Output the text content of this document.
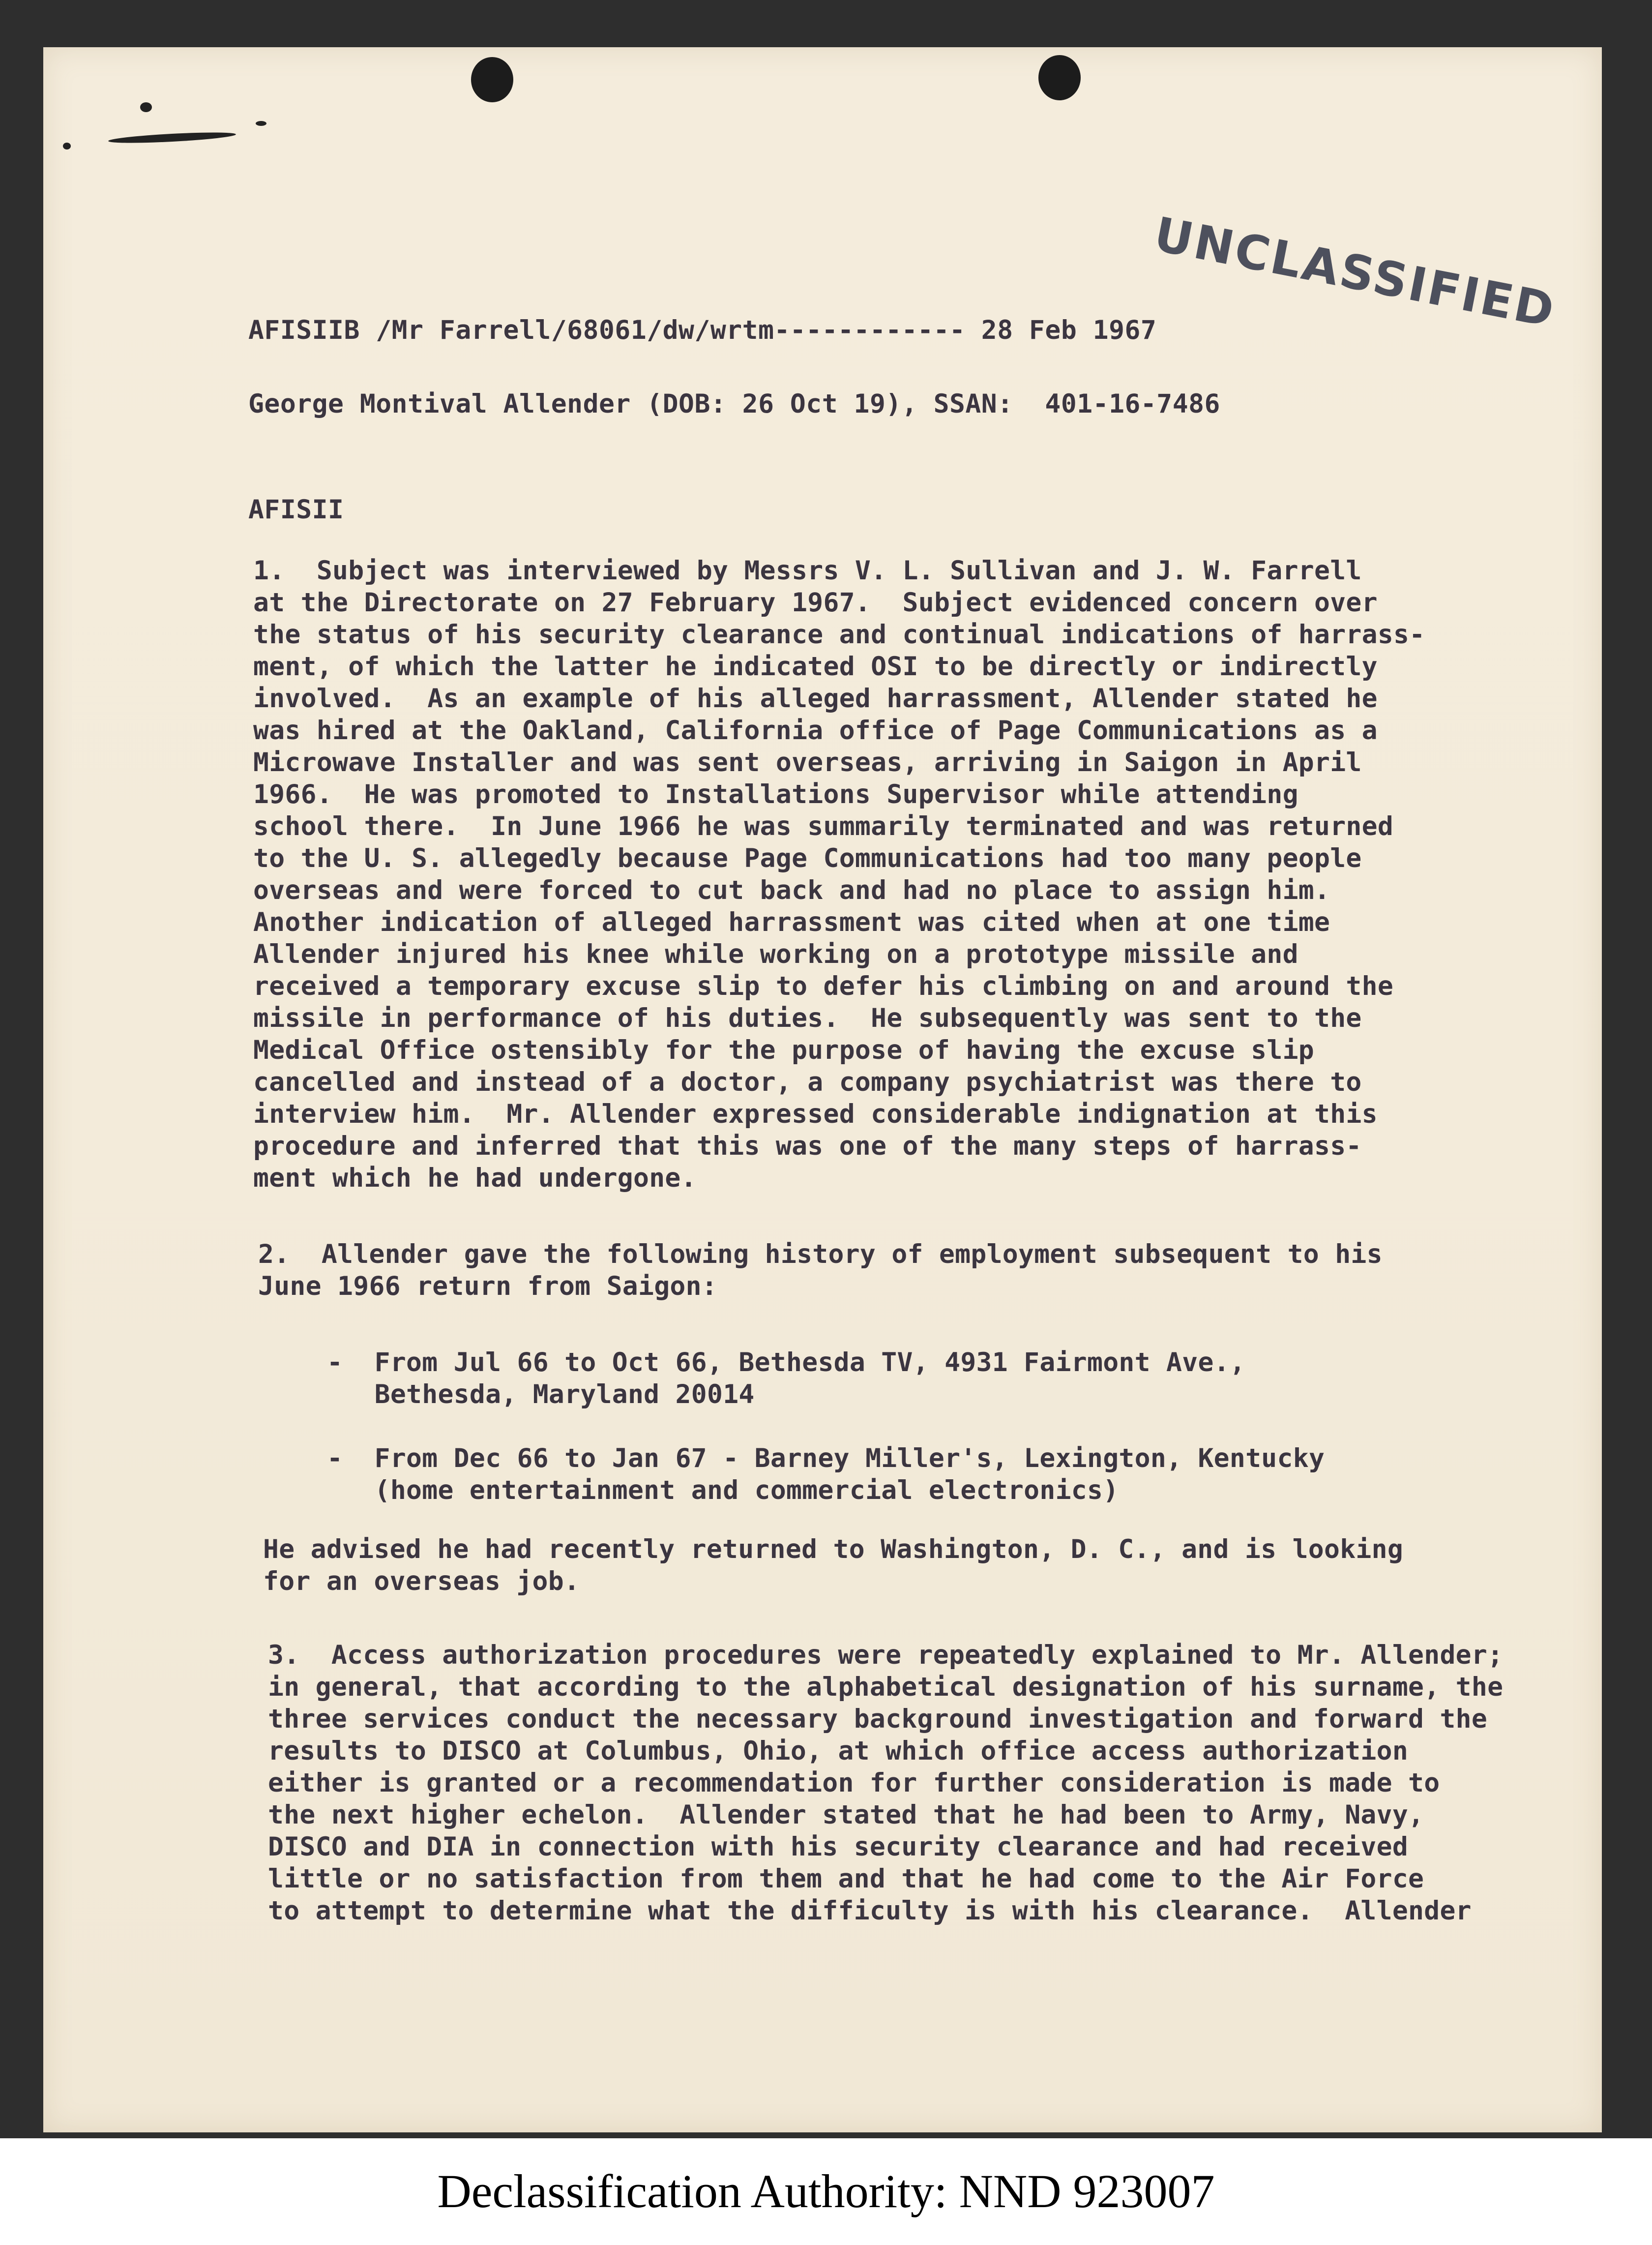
UNCLASSIFIED
AFISIIB /Mr Farrell/68061/dw/wrtm------------ 28 Feb 1967
George Montival Allender (DOB: 26 Oct 19), SSAN:  401-16-7486
AFISII
1.  Subject was interviewed by Messrs V. L. Sullivan and J. W. Farrell
at the Directorate on 27 February 1967.  Subject evidenced concern over
the status of his security clearance and continual indications of harrass-
ment, of which the latter he indicated OSI to be directly or indirectly
involved.  As an example of his alleged harrassment, Allender stated he
was hired at the Oakland, California office of Page Communications as a
Microwave Installer and was sent overseas, arriving in Saigon in April
1966.  He was promoted to Installations Supervisor while attending
school there.  In June 1966 he was summarily terminated and was returned
to the U. S. allegedly because Page Communications had too many people
overseas and were forced to cut back and had no place to assign him.
Another indication of alleged harrassment was cited when at one time
Allender injured his knee while working on a prototype missile and
received a temporary excuse slip to defer his climbing on and around the
missile in performance of his duties.  He subsequently was sent to the
Medical Office ostensibly for the purpose of having the excuse slip
cancelled and instead of a doctor, a company psychiatrist was there to
interview him.  Mr. Allender expressed considerable indignation at this
procedure and inferred that this was one of the many steps of harrass-
ment which he had undergone.
2.  Allender gave the following history of employment subsequent to his
June 1966 return from Saigon:
-  From Jul 66 to Oct 66, Bethesda TV, 4931 Fairmont Ave.,
Bethesda, Maryland 20014
-  From Dec 66 to Jan 67 - Barney Miller's, Lexington, Kentucky
(home entertainment and commercial electronics)
He advised he had recently returned to Washington, D. C., and is looking
for an overseas job.
3.  Access authorization procedures were repeatedly explained to Mr. Allender;
in general, that according to the alphabetical designation of his surname, the
three services conduct the necessary background investigation and forward the
results to DISCO at Columbus, Ohio, at which office access authorization
either is granted or a recommendation for further consideration is made to
the next higher echelon.  Allender stated that he had been to Army, Navy,
DISCO and DIA in connection with his security clearance and had received
little or no satisfaction from them and that he had come to the Air Force
to attempt to determine what the difficulty is with his clearance.  Allender
Declassification Authority: NND 923007
